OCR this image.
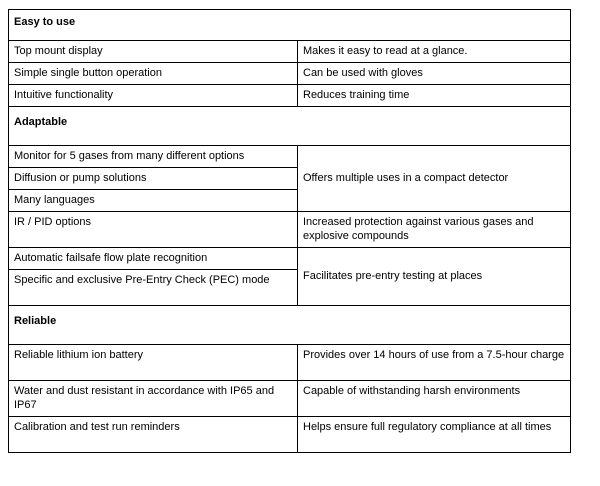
Easy to use	
Top mount display	Makes it easy to read at a glance.
Simple single button operation	Can be used with gloves
Intuitive functionality	Reduces training time
Adaptable	
Monitor for 5 gases from many different options	Offers multiple uses in a compact detector
Diffusion or pump solutions	
Many languages	
IR / PID options	Increased protection against various gases and explosive compounds
Automatic failsafe flow plate recognition	Facilitates pre-entry testing at places
Specific and exclusive Pre-Entry Check (PEC) mode	
Reliable	
Reliable lithium ion battery	Provides over 14 hours of use from a 7.5-hour charge
Water and dust resistant in accordance with IP65 and IP67	Capable of withstanding harsh environments
Calibration and test run reminders	Helps ensure full regulatory compliance at all times
